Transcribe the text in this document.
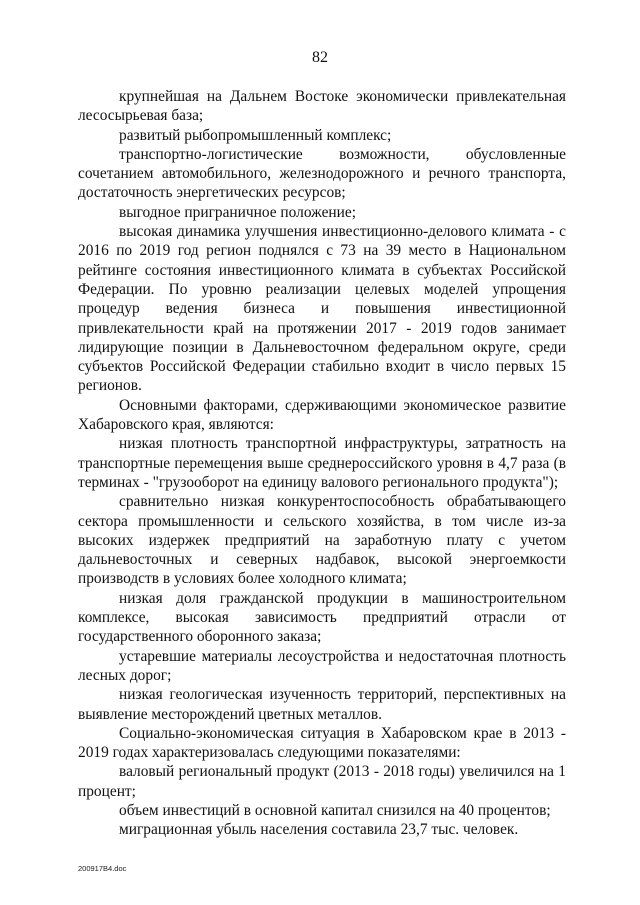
82

крупнейшая на Дальнем Востоке экономически привлекательная лесосырьевая база;

развитый рыбопромышленный комплекс;

транспортно-логистические возможности, обусловленные сочетанием автомобильного, железнодорожного и речного транспорта, достаточность энергетических ресурсов;

выгодное приграничное положение;

высокая динамика улучшения инвестиционно-делового климата - с 2016 по 2019 год регион поднялся с 73 на 39 место в Национальном рейтинге состояния инвестиционного климата в субъектах Российской Федерации. По уровню реализации целевых моделей упрощения процедур ведения бизнеса и повышения инвестиционной привлекательности край на протяжении 2017 - 2019 годов занимает лидирующие позиции в Дальневосточном федеральном округе, среди субъектов Российской Федерации стабильно входит в число первых 15 регионов.

Основными факторами, сдерживающими экономическое развитие Хабаровского края, являются:

низкая плотность транспортной инфраструктуры, затратность на транспортные перемещения выше среднероссийского уровня в 4,7 раза (в терминах - "грузооборот на единицу валового регионального продукта");

сравнительно низкая конкурентоспособность обрабатывающего сектора промышленности и сельского хозяйства, в том числе из-за высоких издержек предприятий на заработную плату с учетом дальневосточных и северных надбавок, высокой энергоемкости производств в условиях более холодного климата;

низкая доля гражданской продукции в машиностроительном комплексе, высокая зависимость предприятий отрасли от государственного оборонного заказа;

устаревшие материалы лесоустройства и недостаточная плотность лесных дорог;

низкая геологическая изученность территорий, перспективных на выявление месторождений цветных металлов.

Социально-экономическая ситуация в Хабаровском крае в 2013 - 2019 годах характеризовалась следующими показателями:

валовый региональный продукт (2013 - 2018 годы) увеличился на 1 процент;

объем инвестиций в основной капитал снизился на 40 процентов;

миграционная убыль населения составила 23,7 тыс. человек.

200917В4.doc
